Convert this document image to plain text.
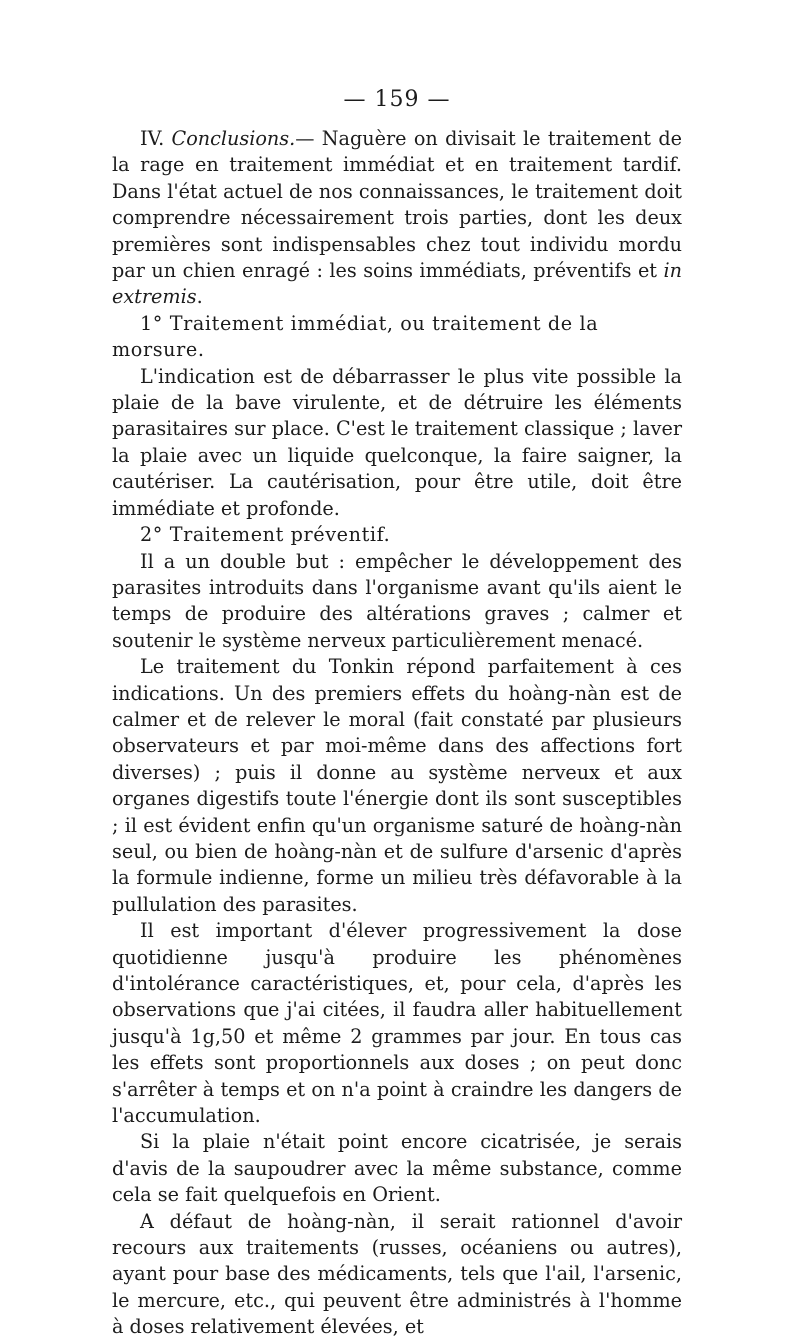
— 159 —

IV. Conclusions.— Naguère on divisait le traitement de la rage en traitement immédiat et en traitement tardif. Dans l'état actuel de nos connaissances, le traitement doit comprendre nécessairement trois parties, dont les deux premières sont indispensables chez tout individu mordu par un chien enragé : les soins immédiats, préventifs et in extremis.

1° Traitement immédiat, ou traitement de la morsure.

L'indication est de débarrasser le plus vite possible la plaie de la bave virulente, et de détruire les éléments parasitaires sur place. C'est le traitement classique ; laver la plaie avec un liquide quelconque, la faire saigner, la cautériser. La cautérisation, pour être utile, doit être immédiate et profonde.

2° Traitement préventif.

Il a un double but : empêcher le développement des parasites introduits dans l'organisme avant qu'ils aient le temps de produire des altérations graves ; calmer et soutenir le système nerveux particulièrement menacé.

Le traitement du Tonkin répond parfaitement à ces indications. Un des premiers effets du hoàng-nàn est de calmer et de relever le moral (fait constaté par plusieurs observateurs et par moi-même dans des affections fort diverses) ; puis il donne au système nerveux et aux organes digestifs toute l'énergie dont ils sont susceptibles ; il est évident enfin qu'un organisme saturé de hoàng-nàn seul, ou bien de hoàng-nàn et de sulfure d'arsenic d'après la formule indienne, forme un milieu très défavorable à la pullulation des parasites.

Il est important d'élever progressivement la dose quotidienne jusqu'à produire les phénomènes d'intolérance caractéristiques, et, pour cela, d'après les observations que j'ai citées, il faudra aller habituellement jusqu'à 1g,50 et même 2 grammes par jour. En tous cas les effets sont proportionnels aux doses ; on peut donc s'arrêter à temps et on n'a point à craindre les dangers de l'accumulation.

Si la plaie n'était point encore cicatrisée, je serais d'avis de la saupoudrer avec la même substance, comme cela se fait quelquefois en Orient.

A défaut de hoàng-nàn, il serait rationnel d'avoir recours aux traitements (russes, océaniens ou autres), ayant pour base des médicaments, tels que l'ail, l'arsenic, le mercure, etc., qui peuvent être administrés à l'homme à doses relativement élevées, et
